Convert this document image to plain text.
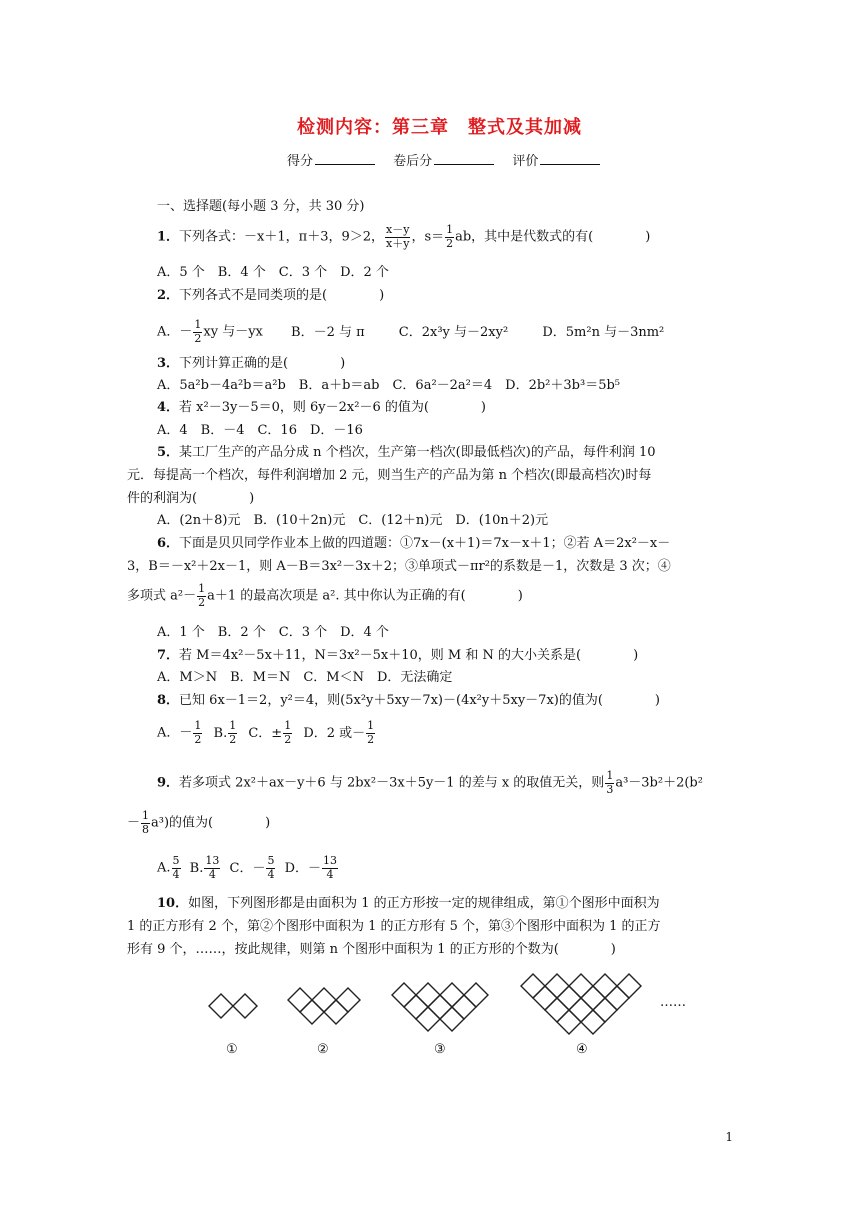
检测内容：第三章　整式及其加减
得分	卷后分	评价
一、选择题(每小题 3 分，共 30 分)
1．下列各式：－x＋1，π＋3，9＞2， $\frac{x-y}{x+y}$ ，$s= \frac{1}{2}$ ab，其中是代数式的有(　　　　)
A．5 个　B．4 个　C．3 个　D．2 个
2．下列各式不是同类项的是(　　　　)
A．－ $\frac{1}{2}$ xy 与－yx B．－2 与 π	C．2x³y 与－2xy²	D．5m²n 与－3nm²
3．下列计算正确的是(　　　　)
A．5a²b－4a²b＝a²b　B．a＋b＝ab　C．6a²－2a²＝4　D．2b²＋3b³＝5b⁵
4．若 x²－3y－5＝0，则 6y－2x²－6 的值为(　　　　)
A．4　B．－4　C．16　D．－16
5．某工厂生产的产品分成 n 个档次，生产第一档次(即最低档次)的产品，每件利润 10
元．每提高一个档次，每件利润增加 2 元，则当生产的产品为第 n 个档次(即最高档次)时每
件的利润为(　　　　)
A．(2n＋8)元　B．(10＋2n)元　C．(12＋n)元　D．(10n＋2)元
6．下面是贝贝同学作业本上做的四道题：①7x－(x＋1)＝7x－x＋1；②若 A＝2x²－x－
3，B＝－x²＋2x－1，则 A－B＝3x²－3x＋2；③单项式－πr²的系数是－1，次数是 3 次；④
多项式 $a^2- \frac{1}{2} a+1$ 的最高次项是 a². 其中你认为正确的有(　　　　)
A．1 个　B．2 个　C．3 个　D．4 个
7．若 M＝4x²－5x＋11，N＝3x²－5x＋10，则 M 和 N 的大小关系是(　　　　)
A．M＞N　B．M＝N　C．M＜N　D．无法确定
8．已知 6x－1＝2，y²＝4，则(5x²y＋5xy－7x)－(4x²y＋5xy－7x)的值为(　　　　)
A．－ $\frac{1}{2} B$. $\frac{1}{2}$ C．± $\frac{1}{2}$ D．2 或－ $\frac{1}{2}$
9．若多项式 2x²＋ax－y＋6 与 2bx²－3x＋5y－1 的差与 x 的取值无关，则 $\frac{1}{3} a^3-3b^2+2(b^2$
－ $\frac{1}{8} a^3$)的值为(　　　　)
A. $\frac{5}{4} B$. $\frac{13}{4}$ C．－ $\frac{5}{4}$ D．－ $\frac{13}{4}$
10．如图，下列图形都是由面积为 1 的正方形按一定的规律组成，第①个图形中面积为
1 的正方形有 2 个，第②个图形中面积为 1 的正方形有 5 个，第③个图形中面积为 1 的正方
形有 9 个，……，按此规律，则第 n 个图形中面积为 1 的正方形的个数为(　　　　)
……
①	②	③	④
1
